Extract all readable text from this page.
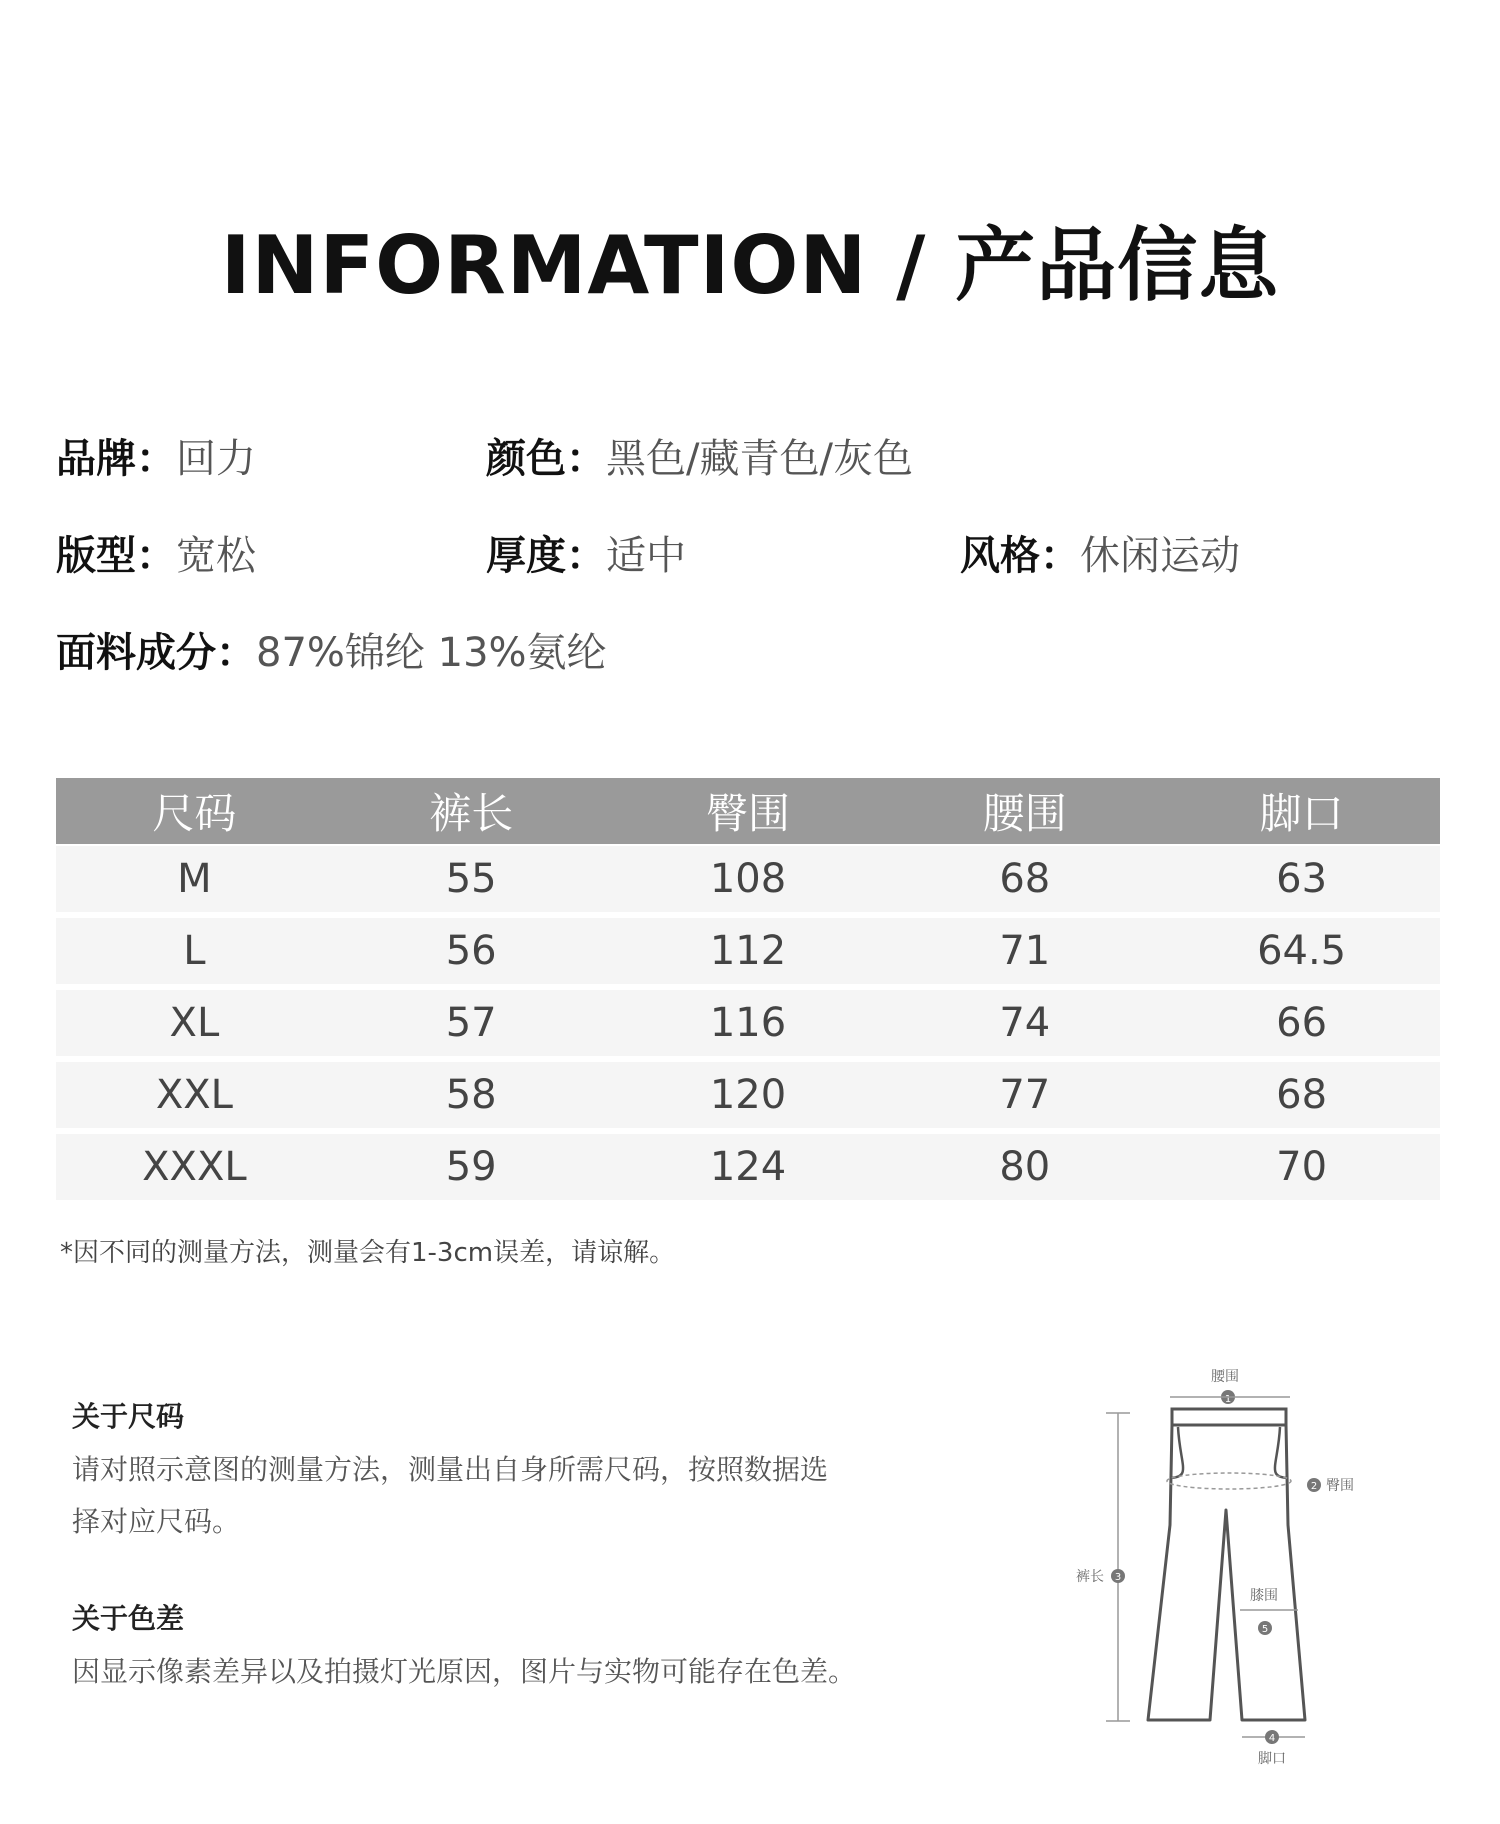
INFORMATION / 产品信息
品牌：回力	颜色：黑色/藏青色/灰色
版型：宽松	厚度：适中	风格：休闲运动
面料成分：87%锦纶 13%氨纶
尺码	裤长	臀围	腰围	脚口
M	55	108	68	63
L	56	112	71	64.5
XL	57	116	74	66
XXL	58	120	77	68
XXXL	59	124	80	70
*因不同的测量方法，测量会有1-3cm误差，请谅解。
关于尺码
请对照示意图的测量方法，测量出自身所需尺码，按照数据选
择对应尺码。
关于色差
因显示像素差异以及拍摄灯光原因，图片与实物可能存在色差。
腰围
1
2 臀围
裤长 3
膝围
5
4
脚口
